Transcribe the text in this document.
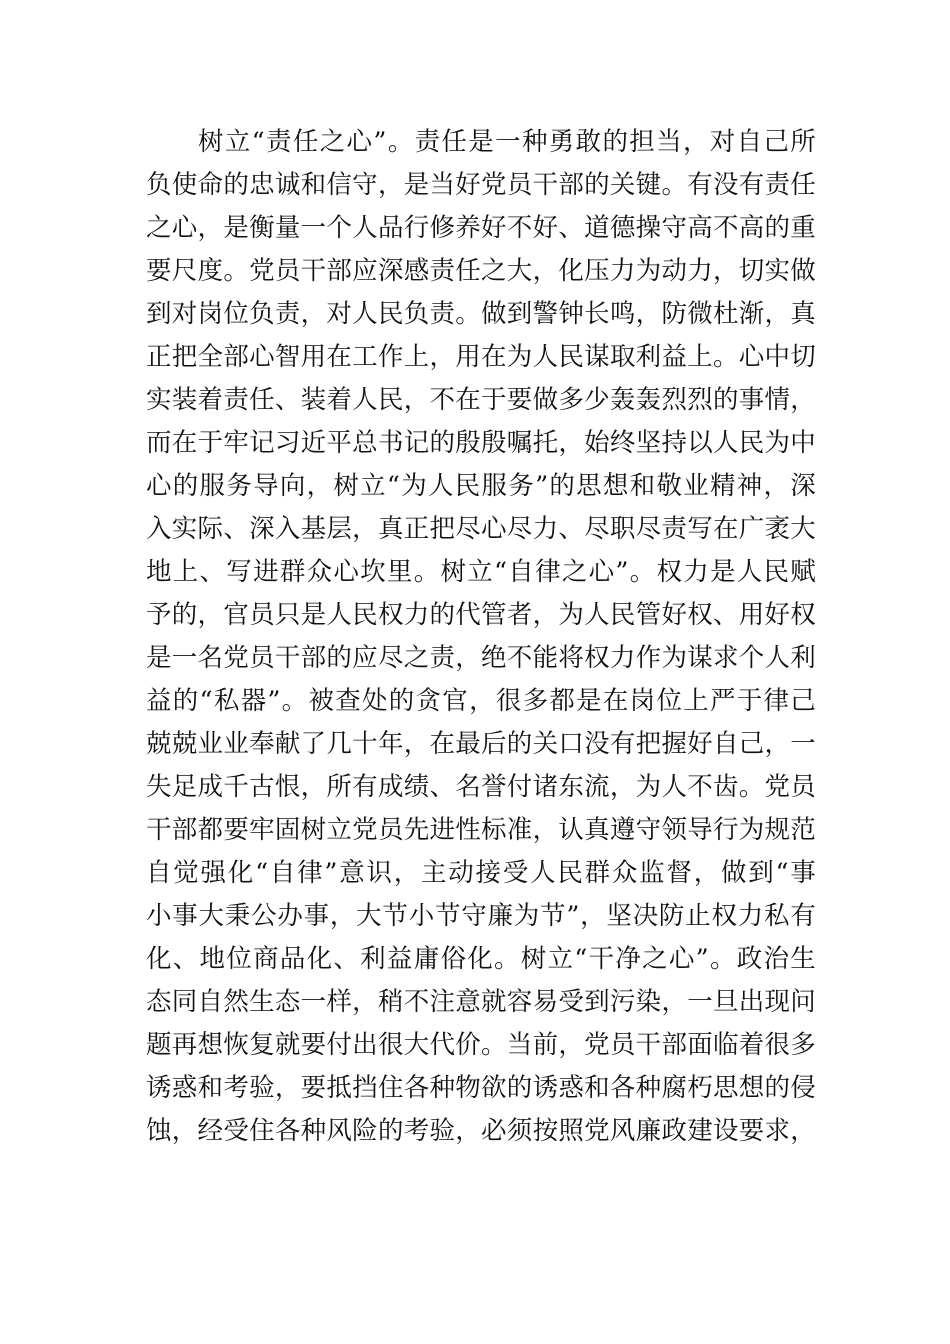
树立“责任之心”。责任是一种勇敢的担当，对自己所
负使命的忠诚和信守，是当好党员干部的关键。有没有责任
之心，是衡量一个人品行修养好不好、道德操守高不高的重
要尺度。党员干部应深感责任之大，化压力为动力，切实做
到对岗位负责，对人民负责。做到警钟长鸣，防微杜渐，真
正把全部心智用在工作上，用在为人民谋取利益上。心中切
实装着责任、装着人民，不在于要做多少轰轰烈烈的事情，
而在于牢记习近平总书记的殷殷嘱托，始终坚持以人民为中
心的服务导向，树立“为人民服务”的思想和敬业精神，深
入实际、深入基层，真正把尽心尽力、尽职尽责写在广袤大
地上、写进群众心坎里。树立“自律之心”。权力是人民赋
予的，官员只是人民权力的代管者，为人民管好权、用好权
是一名党员干部的应尽之责，绝不能将权力作为谋求个人利
益的“私器”。被查处的贪官，很多都是在岗位上严于律己
兢兢业业奉献了几十年，在最后的关口没有把握好自己，一
失足成千古恨，所有成绩、名誉付诸东流，为人不齿。党员
干部都要牢固树立党员先进性标准，认真遵守领导行为规范
自觉强化“自律”意识，主动接受人民群众监督，做到“事
小事大秉公办事，大节小节守廉为节”，坚决防止权力私有
化、地位商品化、利益庸俗化。树立“干净之心”。政治生
态同自然生态一样，稍不注意就容易受到污染，一旦出现问
题再想恢复就要付出很大代价。当前，党员干部面临着很多
诱惑和考验，要抵挡住各种物欲的诱惑和各种腐朽思想的侵
蚀，经受住各种风险的考验，必须按照党风廉政建设要求，
